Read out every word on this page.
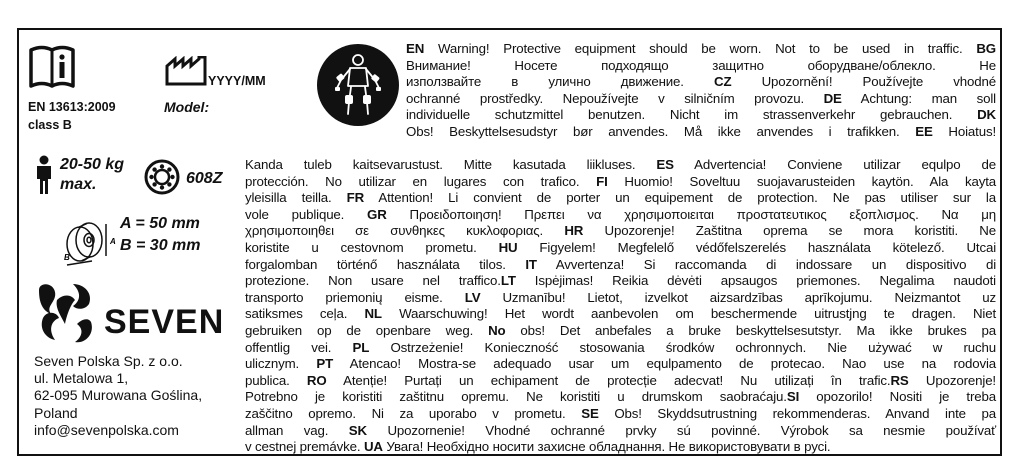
YYYY/MM
Model:
EN 13613:2009
class B
20-50 kg
max.	608Z
A
B
A = 50 mm
B = 30 mm
SEVEN
Seven Polska Sp. z o.o.
ul. Metalowa 1,
62-095 Murowana Goślina,
Poland
info@sevenpolska.com
EN Warning! Protective equipment should be worn. Not to be used in traffic. BG
Внимание! Носете подходящо защитно оборудване/облекло. Не
използвайте в улично движение. CZ Upozornění! Používejte vhodné
ochranné prostředky. Nepoužívejte v silničním provozu. DE Achtung: man soll
individuelle schutzmittel benutzen. Nicht im strassenverkehr gebrauchen. DK
Obs! Beskyttelsesudstyr bør anvendes. Må ikke anvendes i trafikken. EE Hoiatus!
Kanda tuleb kaitsevarustust. Mitte kasutada liikluses. ES Advertencia! Conviene utilizar equlpo de
protección. No utilizar en lugares con trafico. FI Huomio! Soveltuu suojavarusteiden kaytön. Ala kayta
yleisilla teilla. FR Attention! Li convient de porter un equipement de protection. Ne pas utiliser sur la
vole publique. GR Προειδοποιηση! Πρεπει να χρησιμοποιειται προστατευτικος εξοπλισμος. Να μη
χρησιμοποιηθει σε συνθηκες κυκλοφοριας. HR Upozorenje! Zaštitna oprema se mora koristiti. Ne
koristite u cestovnom prometu. HU Figyelem! Megfelelő védőfelszerelés használata kötelező. Utcai
forgalomban történő használata tilos. IT Avvertenza! Si raccomanda di indossare un dispositivo di
protezione. Non usare nel traffico.LT Ispėjimas! Reikia dėvėti apsaugos priemones. Negalima naudoti
transporto priemonių eisme. LV Uzmanību! Lietot, izvelkot aizsardzības aprīkojumu. Neizmantot uz
satiksmes ceļa. NL Waarschuwing! Het wordt aanbevolen om beschermende uitrustjng te dragen. Niet
gebruiken op de openbare weg. No obs! Det anbefales a bruke beskyttelsesutstyr. Ma ikke brukes pa
offentlig vei. PL Ostrzeżenie! Konieczność stosowania środków ochronnych. Nie używać w ruchu
ulicznym. PT Atencao! Mostra-se adequado usar um equlpamento de protecao. Nao use na rodovia
publica. RO Atenție! Purtați un echipament de protecție adecvat! Nu utilizați în trafic.RS Upozorenje!
Potrebno je koristiti zaštitnu opremu. Ne koristiti u drumskom saobraćaju.SI opozorilo! Nositi je treba
zaščitno opremo. Ni za uporabo v prometu. SE Obs! Skyddsutrustning rekommenderas. Anvand inte pa
allman vag. SK Upozornenie! Vhodné ochranné prvky sú povinné. Výrobok sa nesmie používať
v cestnej premávke. UA Увага! Необхідно носити захисне обладнання. Не використовувати в русі.
